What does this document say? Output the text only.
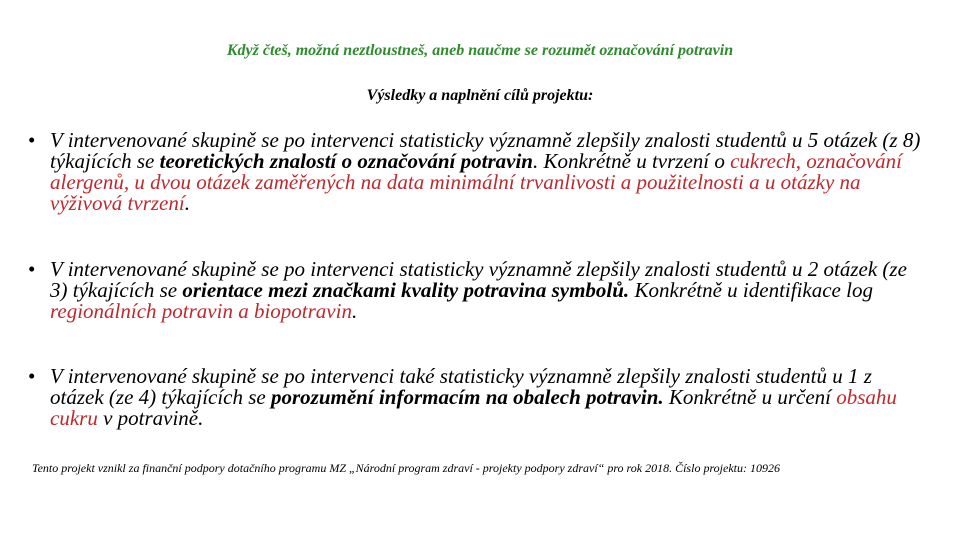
Když čteš, možná neztloustneš, aneb naučme se rozumět označování potravin
Výsledky a naplnění cílů projektu:
• V intervenované skupině se po intervenci statisticky významně zlepšily znalosti studentů u 5 otázek (z 8) týkajících se teoretických znalostí o označování potravin. Konkrétně u tvrzení o cukrech, označování alergenů, u dvou otázek zaměřených na data minimální trvanlivosti a použitelnosti a u otázky na výživová tvrzení.
• V intervenované skupině se po intervenci statisticky významně zlepšily znalosti studentů u 2 otázek (ze 3) týkajících se orientace mezi značkami kvality potravina symbolů. Konkrétně u identifikace log regionálních potravin a biopotravin.
• V intervenované skupině se po intervenci také statisticky významně zlepšily znalosti studentů u 1 z otázek (ze 4) týkajících se porozumění informacím na obalech potravin. Konkrétně u určení obsahu cukru v potravině.
Tento projekt vznikl za finanční podpory dotačního programu MZ „Národní program zdraví - projekty podpory zdraví“ pro rok 2018. Číslo projektu: 10926
